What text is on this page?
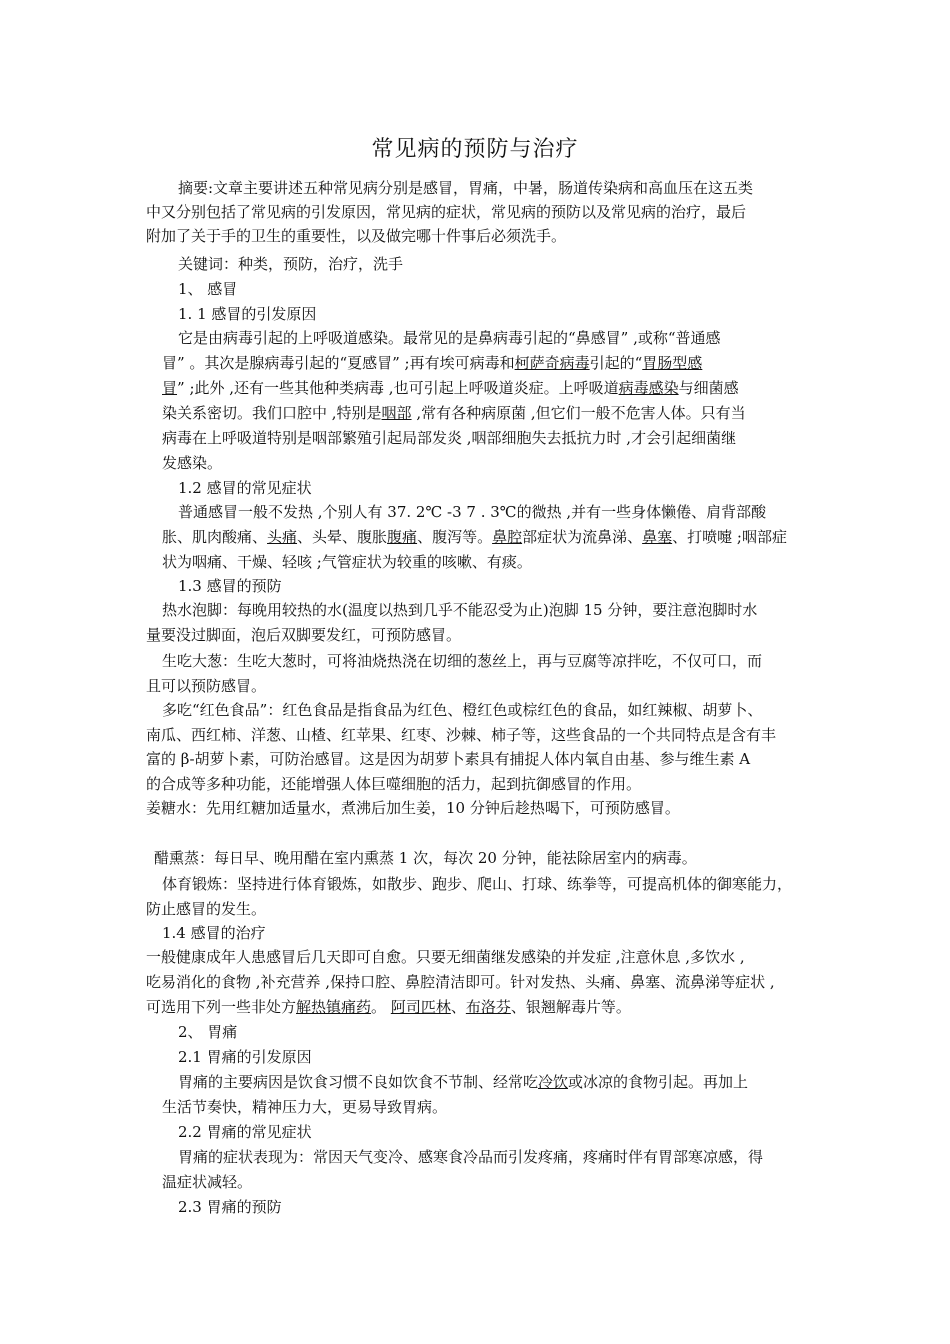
常见病的预防与治疗
摘要:文章主要讲述五种常见病分别是感冒，胃痛，中暑，肠道传染病和高血压在这五类
中又分别包括了常见病的引发原因，常见病的症状，常见病的预防以及常见病的治疗，最后
附加了关于手的卫生的重要性，以及做完哪十件事后必须洗手。
关键词：种类，预防，治疗，洗手
1、 感冒
1. 1 感冒的引发原因
它是由病毒引起的上呼吸道感染。最常见的是鼻病毒引起的“鼻感冒” ,或称“普通感
冒” 。其次是腺病毒引起的“夏感冒” ;再有埃可病毒和柯萨奇病毒引起的“胃肠型感
冒” ;此外 ,还有一些其他种类病毒 ,也可引起上呼吸道炎症。上呼吸道病毒感染与细菌感
染关系密切。我们口腔中 ,特别是咽部 ,常有各种病原菌 ,但它们一般不危害人体。只有当
病毒在上呼吸道特别是咽部繁殖引起局部发炎 ,咽部细胞失去抵抗力时 ,才会引起细菌继
发感染。
1.2 感冒的常见症状
普通感冒一般不发热 ,个别人有 37. 2℃ -3 7 . 3℃的微热 ,并有一些身体懒倦、肩背部酸
胀、肌肉酸痛、头痛、头晕、腹胀腹痛、腹泻等。鼻腔部症状为流鼻涕、鼻塞、打喷嚏 ;咽部症
状为咽痛、干燥、轻咳 ;气管症状为较重的咳嗽、有痰。
1.3 感冒的预防
热水泡脚：每晚用较热的水(温度以热到几乎不能忍受为止)泡脚 15 分钟，要注意泡脚时水
量要没过脚面，泡后双脚要发红，可预防感冒。
生吃大葱：生吃大葱时，可将油烧热浇在切细的葱丝上，再与豆腐等凉拌吃，不仅可口，而
且可以预防感冒。
多吃“红色食品”：红色食品是指食品为红色、橙红色或棕红色的食品，如红辣椒、胡萝卜、
南瓜、西红柿、洋葱、山楂、红苹果、红枣、沙棘、柿子等，这些食品的一个共同特点是含有丰
富的 β-胡萝卜素，可防治感冒。这是因为胡萝卜素具有捕捉人体内氧自由基、参与维生素 A
的合成等多种功能，还能增强人体巨噬细胞的活力，起到抗御感冒的作用。
姜糖水：先用红糖加适量水，煮沸后加生姜，10 分钟后趁热喝下，可预防感冒。
醋熏蒸：每日早、晚用醋在室内熏蒸 1 次，每次 20 分钟，能祛除居室内的病毒。
体育锻炼：坚持进行体育锻炼，如散步、跑步、爬山、打球、练拳等，可提高机体的御寒能力，
防止感冒的发生。
1.4 感冒的治疗
一般健康成年人患感冒后几天即可自愈。只要无细菌继发感染的并发症 ,注意休息 ,多饮水 ,
吃易消化的食物 ,补充营养 ,保持口腔、鼻腔清洁即可。针对发热、头痛、鼻塞、流鼻涕等症状 ,
可选用下列一些非处方解热镇痛药。 阿司匹林、布洛芬、银翘解毒片等。
2、 胃痛
2.1 胃痛的引发原因
胃痛的主要病因是饮食习惯不良如饮食不节制、经常吃冷饮或冰凉的食物引起。再加上
生活节奏快，精神压力大，更易导致胃病。
2.2 胃痛的常见症状
胃痛的症状表现为：常因天气变冷、感寒食冷品而引发疼痛，疼痛时伴有胃部寒凉感，得
温症状减轻。
2.3 胃痛的预防
